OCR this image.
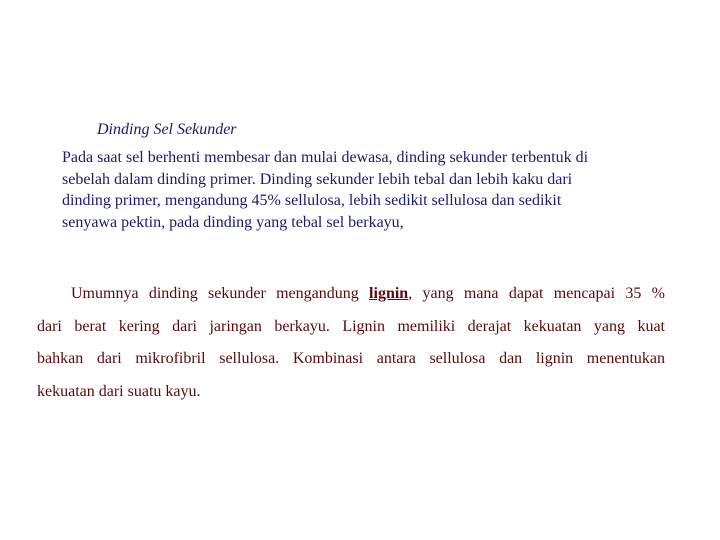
Dinding Sel Sekunder

Pada saat sel berhenti membesar dan mulai dewasa, dinding sekunder terbentuk di
sebelah dalam dinding primer. Dinding sekunder lebih tebal dan lebih kaku dari
dinding primer, mengandung 45% sellulosa, lebih sedikit sellulosa dan sedikit
senyawa pektin, pada dinding yang tebal sel berkayu,

Umumnya dinding sekunder mengandung lignin, yang mana dapat mencapai 35 %
dari berat kering dari jaringan berkayu. Lignin memiliki derajat kekuatan yang kuat
bahkan dari mikrofibril sellulosa. Kombinasi antara sellulosa dan lignin menentukan
kekuatan dari suatu kayu.
